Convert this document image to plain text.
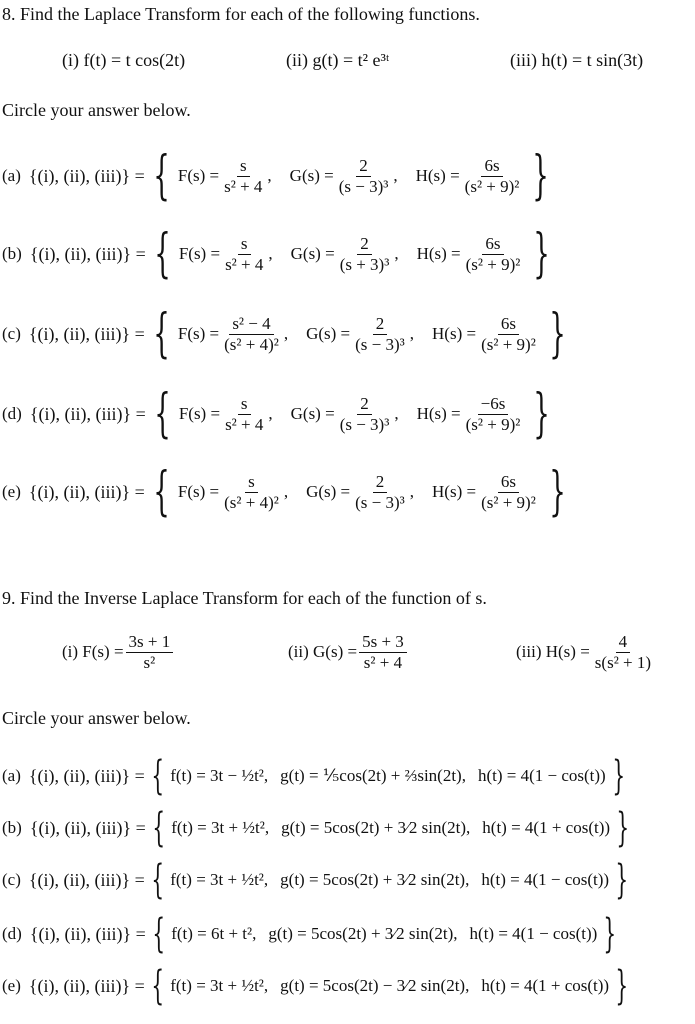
8. Find the Laplace Transform for each of the following functions.
(i) f(t) = t cos(2t)	(ii) g(t) = t² e³ᵗ	(iii) h(t) = t sin(3t)
Circle your answer below.
(a) {(i), (ii), (iii)} = { $F(s) = \frac{s}{\text{s² + 4}}$ , $G(s) = \frac{2}{\text{(s − 3)³}}$ , $H(s) = \frac{6s}{\text{(s² + 9)²}}$ }
(b) {(i), (ii), (iii)} = { $F(s) = \frac{s}{\text{s² + 4}}$ , $G(s) = \frac{2}{\text{(s + 3)³}}$ , $H(s) = \frac{6s}{\text{(s² + 9)²}}$ }
(c) {(i), (ii), (iii)} = { $F(s) = \frac{\text{s² − 4}}{\text{(s² + 4)²}}$ , $G(s) = \frac{2}{\text{(s − 3)³}}$ , $H(s) = \frac{6s}{\text{(s² + 9)²}}$ }
(d) {(i), (ii), (iii)} = { $F(s) = \frac{s}{\text{s² + 4}}$ , $G(s) = \frac{2}{\text{(s − 3)³}}$ , $H(s) = \frac{-6s}{\text{(s² + 9)²}}$ }
(e) {(i), (ii), (iii)} = { $F(s) = \frac{s}{\text{(s² + 4)²}}$ , $G(s) = \frac{2}{\text{(s − 3)³}}$ , $H(s) = \frac{6s}{\text{(s² + 9)²}}$ }
9. Find the Inverse Laplace Transform for each of the function of s.
(i) $F(s) = \frac{3s + 1}{\text{s²}}$	(ii) $G(s) = \frac{5s + 3}{\text{s² + 4}}$	(iii) $H(s) = \frac{4}{\text{s(s² + 1)}}$
Circle your answer below.
(a) {(i), (ii), (iii)} = { f(t) = 3t − ½t², g(t) = ⅕cos(2t) + ⅔sin(2t), h(t) = 4(1 − cos(t)) }
(b) {(i), (ii), (iii)} = { f(t) = 3t + ½t², g(t) = 5cos(2t) + 3⁄2 sin(2t), h(t) = 4(1 + cos(t)) }
(c) {(i), (ii), (iii)} = { f(t) = 3t + ½t², g(t) = 5cos(2t) + 3⁄2 sin(2t), h(t) = 4(1 − cos(t)) }
(d) {(i), (ii), (iii)} = { f(t) = 6t + t², g(t) = 5cos(2t) + 3⁄2 sin(2t), h(t) = 4(1 − cos(t)) }
(e) {(i), (ii), (iii)} = { f(t) = 3t + ½t², g(t) = 5cos(2t) − 3⁄2 sin(2t), h(t) = 4(1 + cos(t)) }
